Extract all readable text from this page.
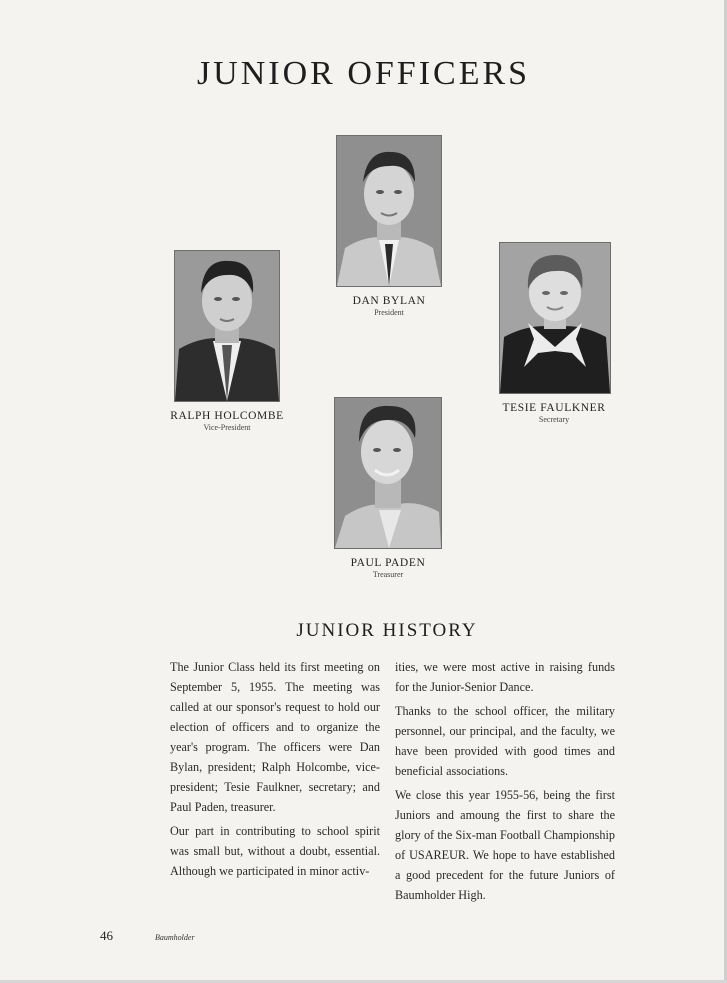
JUNIOR OFFICERS
DAN BYLAN
President
RALPH HOLCOMBE
Vice-President
TESIE FAULKNER
Secretary
PAUL PADEN
Treasurer
JUNIOR HISTORY

The Junior Class held its first meeting on September 5, 1955. The meeting was called at our sponsor's request to hold our election of officers and to organize the year's program. The officers were Dan Bylan, president; Ralph Holcombe, vice-president; Tesie Faulkner, secretary; and Paul Paden, treasurer.

Our part in contributing to school spirit was small but, without a doubt, essential. Although we participated in minor activ-

ities, we were most active in raising funds for the Junior-Senior Dance.

Thanks to the school officer, the military personnel, our principal, and the faculty, we have been provided with good times and beneficial associations.

We close this year 1955-56, being the first Juniors and amoung the first to share the glory of the Six-man Football Championship of USAREUR. We hope to have established a good precedent for the future Juniors of Baumholder High.

46	Baumholder
